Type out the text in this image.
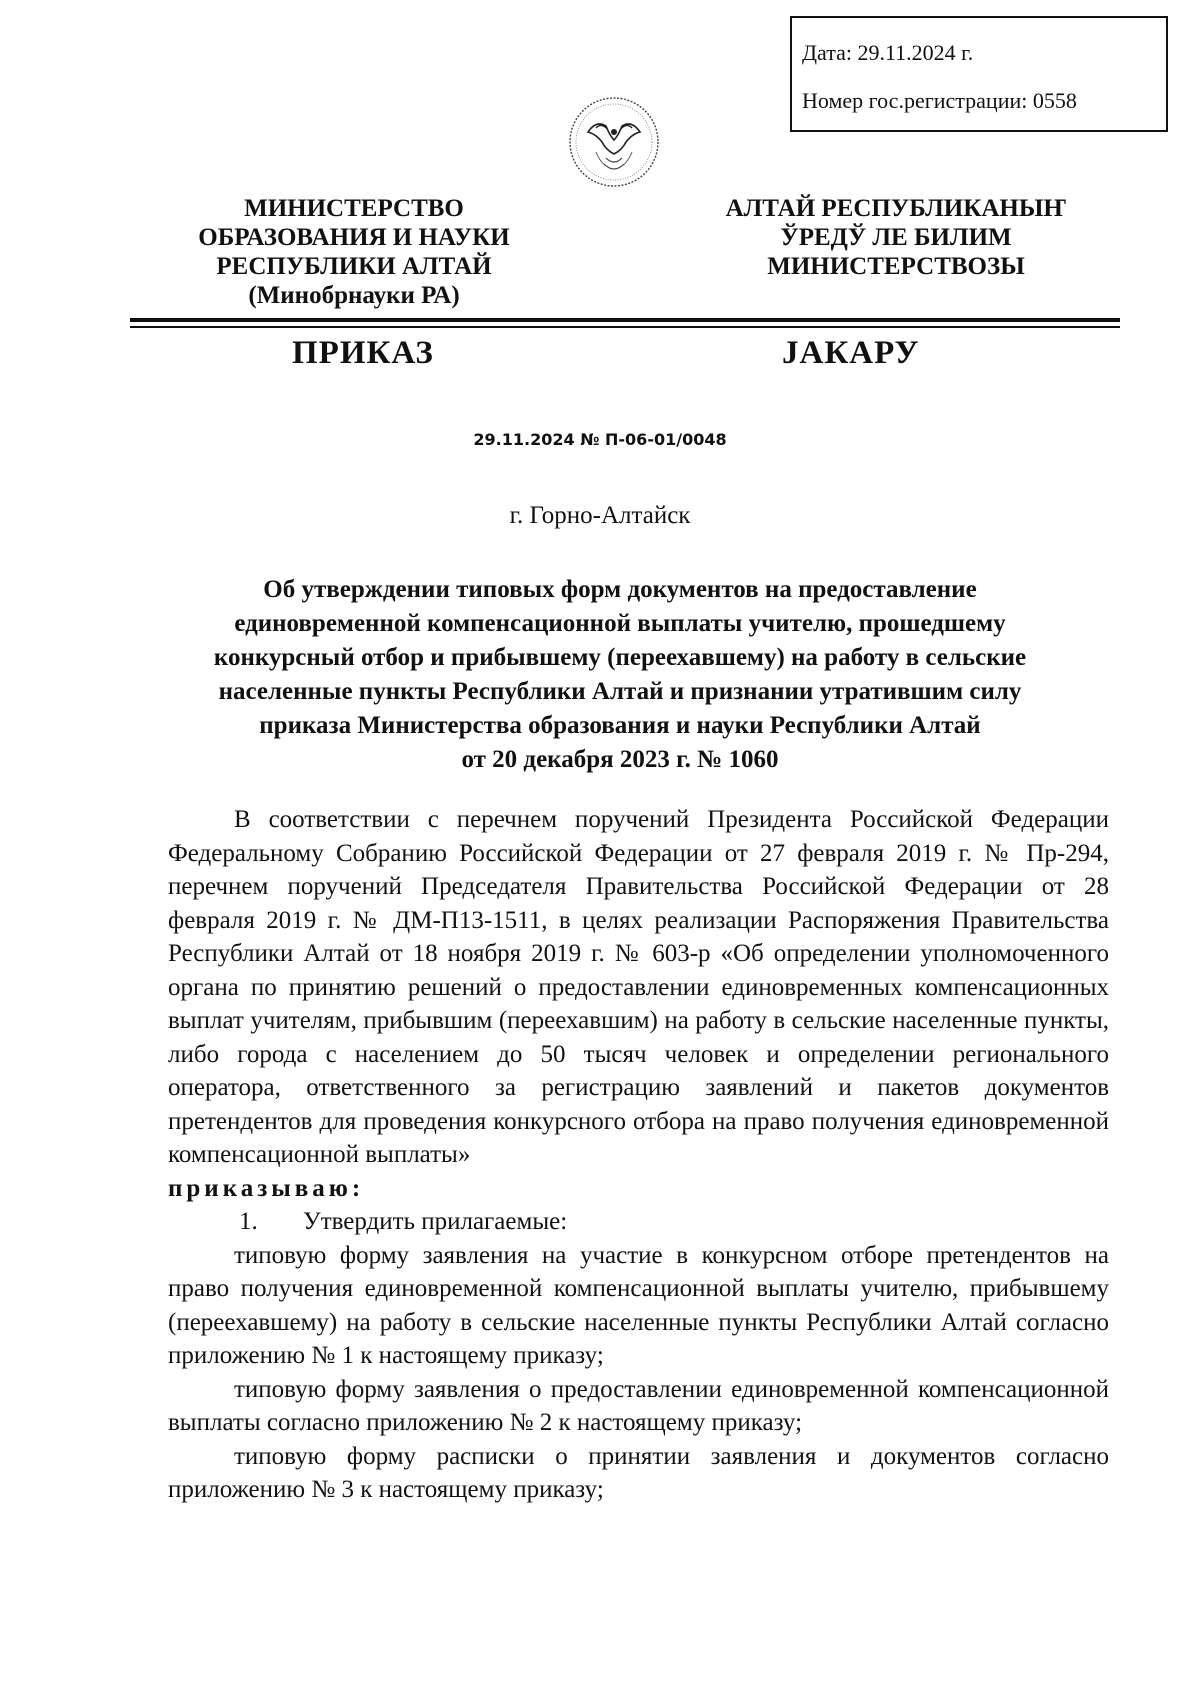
Дата: 29.11.2024 г.
Номер гос.регистрации: 0558
МИНИСТЕРСТВО
ОБРАЗОВАНИЯ И НАУКИ
РЕСПУБЛИКИ АЛТАЙ
(Минобрнауки РА)
АЛТАЙ РЕСПУБЛИКАНЫҤ
ЎРЕДЎ ЛЕ БИЛИМ
МИНИСТЕРСТВОЗЫ
ПРИКАЗ	JАКАРУ
29.11.2024 № П-06-01/0048
г. Горно-Алтайск
Об утверждении типовых форм документов на предоставление
единовременной компенсационной выплаты учителю, прошедшему
конкурсный отбор и прибывшему (переехавшему) на работу в сельские
населенные пункты Республики Алтай и признании утратившим силу
приказа Министерства образования и науки Республики Алтай
от 20 декабря 2023 г. № 1060

В соответствии с перечнем поручений Президента Российской Федерации Федеральному Собранию Российской Федерации от 27 февраля 2019 г. № Пр-294, перечнем поручений Председателя Правительства Российской Федерации от 28 февраля 2019 г. № ДМ-П13-1511, в целях реализации Распоряжения Правительства Республики Алтай от 18 ноября 2019 г. № 603-р «Об определении уполномоченного органа по принятию решений о предоставлении единовременных компенсационных выплат учителям, прибывшим (переехавшим) на работу в сельские населенные пункты, либо города с населением до 50 тысяч человек и определении регионального оператора, ответственного за регистрацию заявлений и пакетов документов претендентов для проведения конкурсного отбора на право получения единовременной компенсационной выплаты»

приказываю:

1.	Утвердить прилагаемые:

типовую форму заявления на участие в конкурсном отборе претендентов на право получения единовременной компенсационной выплаты учителю, прибывшему (переехавшему) на работу в сельские населенные пункты Республики Алтай согласно приложению № 1 к настоящему приказу;

типовую форму заявления о предоставлении единовременной компенсационной выплаты согласно приложению № 2 к настоящему приказу;

типовую форму расписки о принятии заявления и документов согласно приложению № 3 к настоящему приказу;
